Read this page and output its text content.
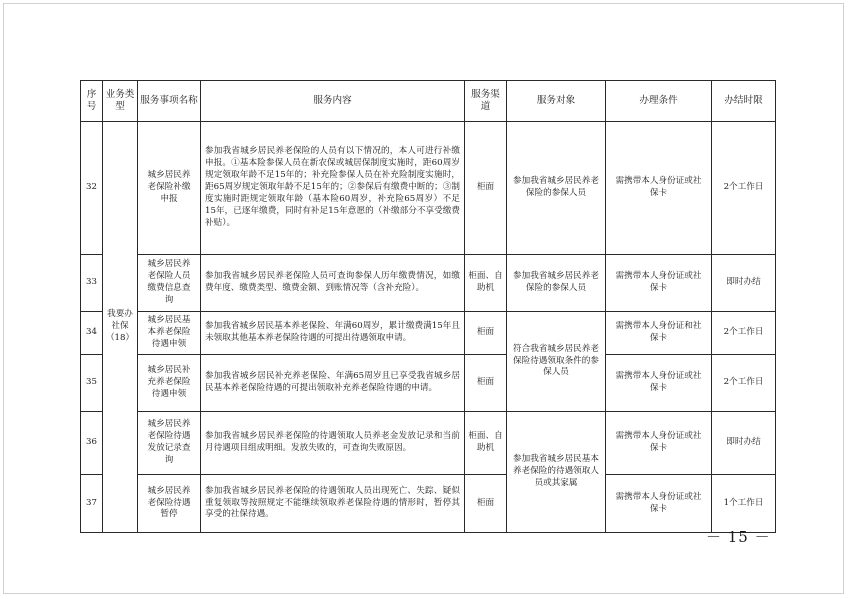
序号	业务类型	服务事项名称	服务内容	服务渠道	服务对象	办理条件	办结时限
32	我要办社保（18）	城乡居民养老保险补缴申报	参加我省城乡居民养老保险的人员有以下情况的，本人可进行补缴申报。①基本险参保人员在新农保或城居保制度实施时，距60周岁规定领取年龄不足15年的；补充险参保人员在补充险制度实施时，距65周岁规定领取年龄不足15年的；②参保后有缴费中断的；③制度实施时距规定领取年龄（基本险60周岁，补充险65周岁）不足15年，已逐年缴费，同时有补足15年意愿的（补缴部分不享受缴费补贴）。	柜面	参加我省城乡居民养老保险的参保人员	需携带本人身份证或社保卡	2个工作日
33		城乡居民养老保险人员缴费信息查询	参加我省城乡居民养老保险人员可查询参保人历年缴费情况，如缴费年度、缴费类型、缴费金额、到账情况等（含补充险）。	柜面、自助机	参加我省城乡居民养老保险的参保人员	需携带本人身份证或社保卡	即时办结
34		城乡居民基本养老保险待遇申领	参加我省城乡居民基本养老保险、年满60周岁，累计缴费满15年且未领取其他基本养老保险待遇的可提出待遇领取申请。	柜面	符合我省城乡居民养老保险待遇领取条件的参保人员	需携带本人身份证和社保卡	2个工作日
35		城乡居民补充养老保险待遇申领	参加我省城乡居民补充养老保险、年满65周岁且已享受我省城乡居民基本养老保险待遇的可提出领取补充养老保险待遇的申请。	柜面		需携带本人身份证或社保卡	2个工作日
36		城乡居民养老保险待遇发放记录查询	参加我省城乡居民养老保险的待遇领取人员养老金发放记录和当前月待遇项目组成明细。发放失败的，可查询失败原因。	柜面、自助机	参加我省城乡居民基本养老保险的待遇领取人员或其家属	需携带本人身份证或社保卡	即时办结
37		城乡居民养老保险待遇暂停	参加我省城乡居民养老保险的待遇领取人员出现死亡、失踪、疑似重复领取等按照规定不能继续领取养老保险待遇的情形时，暂停其享受的社保待遇。	柜面		需携带本人身份证或社保卡	1个工作日
－ 15 －
